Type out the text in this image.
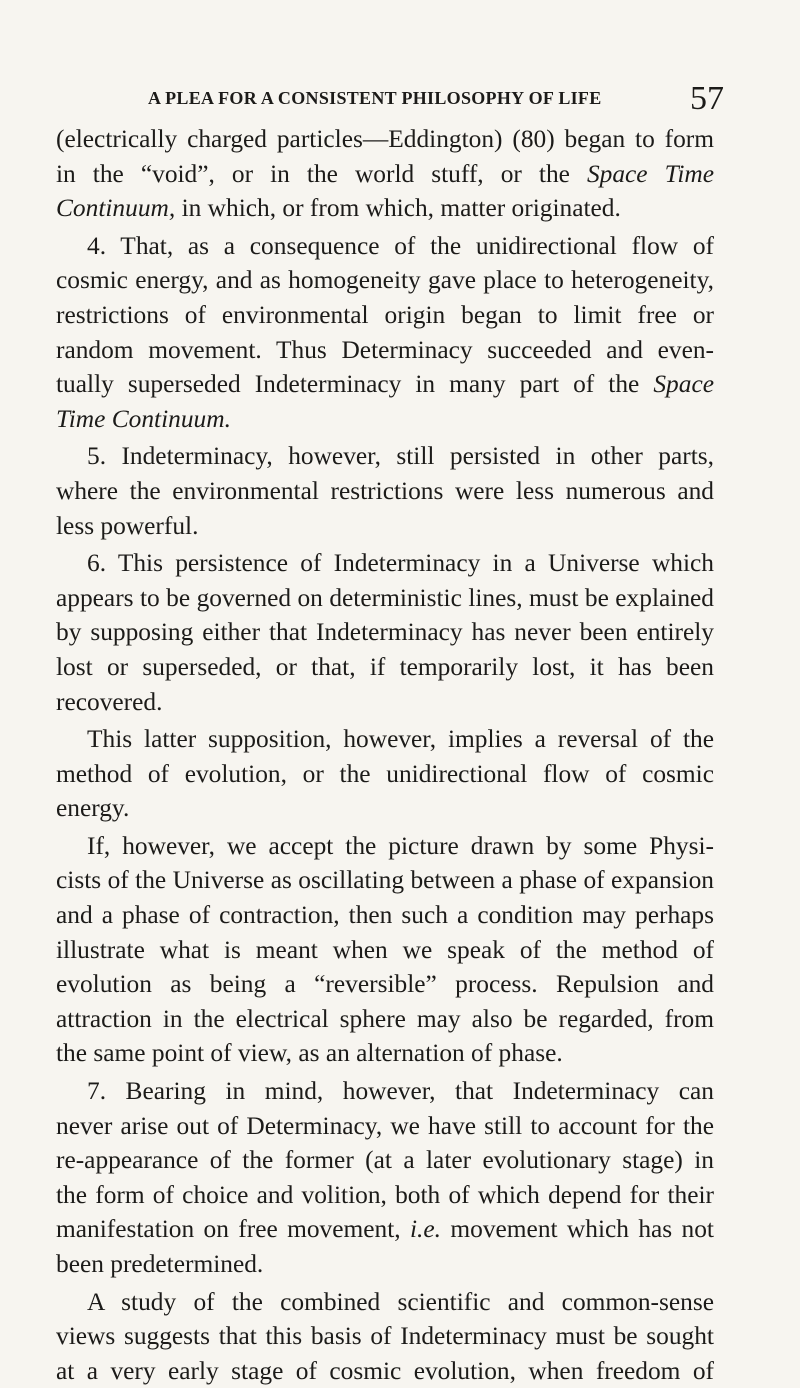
A PLEA FOR A CONSISTENT PHILOSOPHY OF LIFE	57
(electrically charged particles—Eddington) (80) began to form
in the “void”, or in the world stuff, or the Space Time
Continuum, in which, or from which, matter originated.
4. That, as a consequence of the unidirectional flow of
cosmic energy, and as homogeneity gave place to heterogeneity,
restrictions of environmental origin began to limit free or
random movement. Thus Determinacy succeeded and even-
tually superseded Indeterminacy in many part of the Space
Time Continuum.
5. Indeterminacy, however, still persisted in other parts,
where the environmental restrictions were less numerous and
less powerful.
6. This persistence of Indeterminacy in a Universe which
appears to be governed on deterministic lines, must be explained
by supposing either that Indeterminacy has never been entirely
lost or superseded, or that, if temporarily lost, it has been
recovered.
This latter supposition, however, implies a reversal of the
method of evolution, or the unidirectional flow of cosmic
energy.
If, however, we accept the picture drawn by some Physi-
cists of the Universe as oscillating between a phase of expansion
and a phase of contraction, then such a condition may perhaps
illustrate what is meant when we speak of the method of
evolution as being a “reversible” process. Repulsion and
attraction in the electrical sphere may also be regarded, from
the same point of view, as an alternation of phase.
7. Bearing in mind, however, that Indeterminacy can
never arise out of Determinacy, we have still to account for the
re-appearance of the former (at a later evolutionary stage) in
the form of choice and volition, both of which depend for their
manifestation on free movement, i.e. movement which has not
been predetermined.
A study of the combined scientific and common-sense
views suggests that this basis of Indeterminacy must be sought
at a very early stage of cosmic evolution, when freedom of
